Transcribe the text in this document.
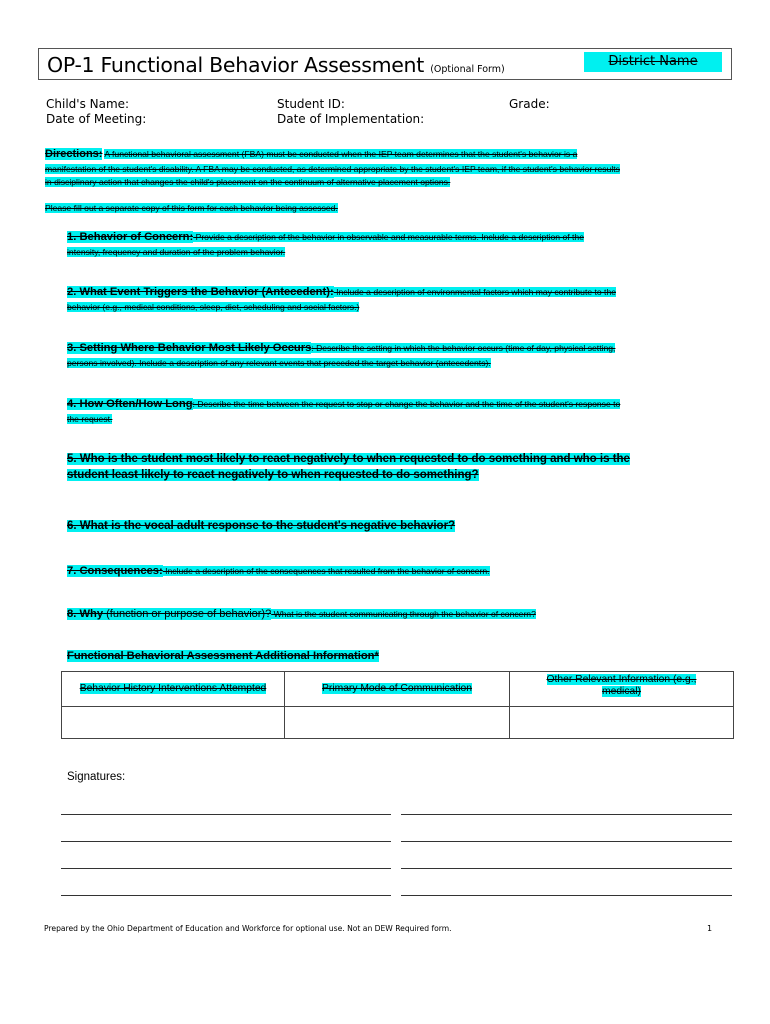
OP-1 Functional Behavior Assessment (Optional Form)
District Name
Child's Name:	Student ID:	Grade:
Date of Meeting:	Date of Implementation:
Directions: A functional behavioral assessment (FBA) must be conducted when the IEP team determines that the student's behavior is a
manifestation of the student's disability. A FBA may be conducted, as determined appropriate by the student's IEP team, if the student's behavior results
in disciplinary action that changes the child's placement on the continuum of alternative placement options.
Please fill out a separate copy of this form for each behavior being assessed.
1. Behavior of Concern: Provide a description of the behavior in observable and measurable terms. Include a description of the
intensity, frequency and duration of the problem behavior.
2. What Event Triggers the Behavior (Antecedent): Include a description of environmental factors which may contribute to the
behavior (e.g., medical conditions, sleep, diet, scheduling and social factors.)
3. Setting Where Behavior Most Likely Occurs: Describe the setting in which the behavior occurs (time of day, physical setting,
persons involved). Include a description of any relevant events that preceded the target behavior (antecedents).
4. How Often/How Long: Describe the time between the request to stop or change the behavior and the time of the student's response to
the request.
5. Who is the student most likely to react negatively to when requested to do something and who is the
student least likely to react negatively to when requested to do something?
6. What is the vocal adult response to the student's negative behavior?
7. Consequences: Include a description of the consequences that resulted from the behavior of concern.
8. Why (function or purpose of behavior)? What is the student communicating through the behavior of concern?
Functional Behavioral Assessment Additional Information*
Behavior History Interventions Attempted	Primary Mode of Communication	Other Relevant Information (e.g.,
medical)

Signatures:
Prepared by the Ohio Department of Education and Workforce for optional use. Not an DEW Required form.	1
